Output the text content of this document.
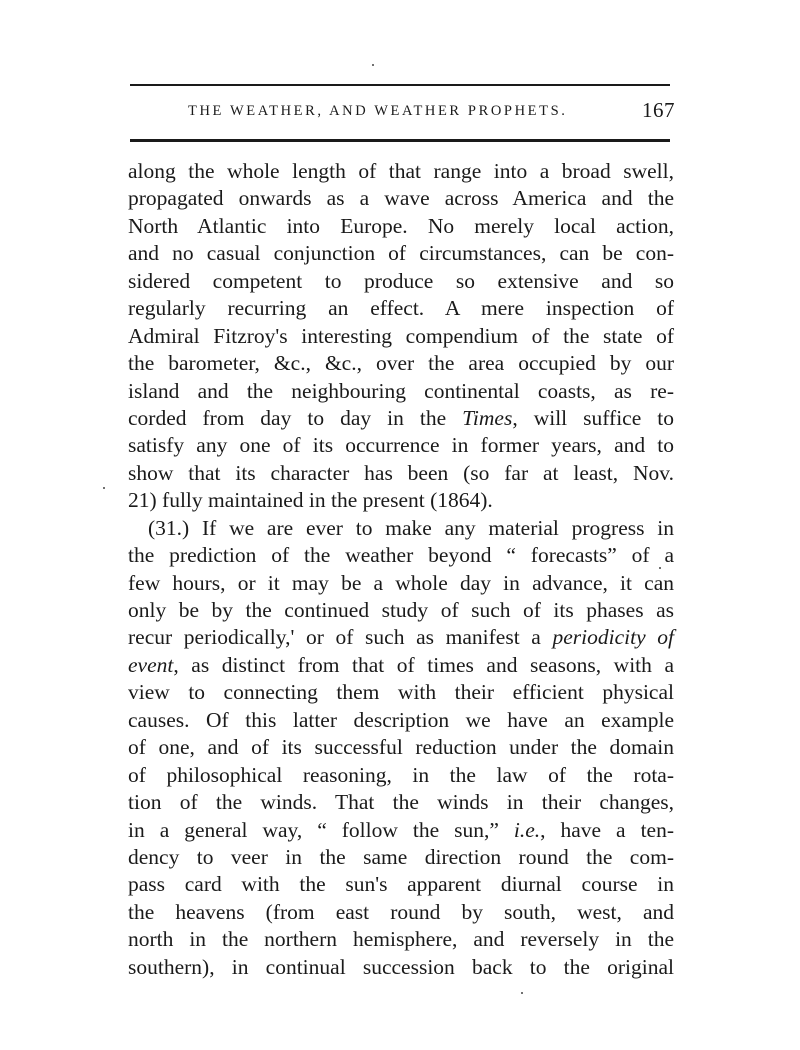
THE WEATHER, AND WEATHER PROPHETS.	167
along the whole length of that range into a broad swell,
propagated onwards as a wave across America and the
North Atlantic into Europe. No merely local action,
and no casual conjunction of circumstances, can be con-
sidered competent to produce so extensive and so
regularly recurring an effect. A mere inspection of
Admiral Fitzroy's interesting compendium of the state of
the barometer, &c., &c., over the area occupied by our
island and the neighbouring continental coasts, as re-
corded from day to day in the Times, will suffice to
satisfy any one of its occurrence in former years, and to
show that its character has been (so far at least, Nov.
21) fully maintained in the present (1864).
(31.) If we are ever to make any material progress in
the prediction of the weather beyond “ forecasts” of a
few hours, or it may be a whole day in advance, it can
only be by the continued study of such of its phases as
recur periodically,' or of such as manifest a periodicity of
event, as distinct from that of times and seasons, with a
view to connecting them with their efficient physical
causes. Of this latter description we have an example
of one, and of its successful reduction under the domain
of philosophical reasoning, in the law of the rota-
tion of the winds. That the winds in their changes,
in a general way, “ follow the sun,” i.e., have a ten-
dency to veer in the same direction round the com-
pass card with the sun's apparent diurnal course in
the heavens (from east round by south, west, and
north in the northern hemisphere, and reversely in the
southern), in continual succession back to the original
